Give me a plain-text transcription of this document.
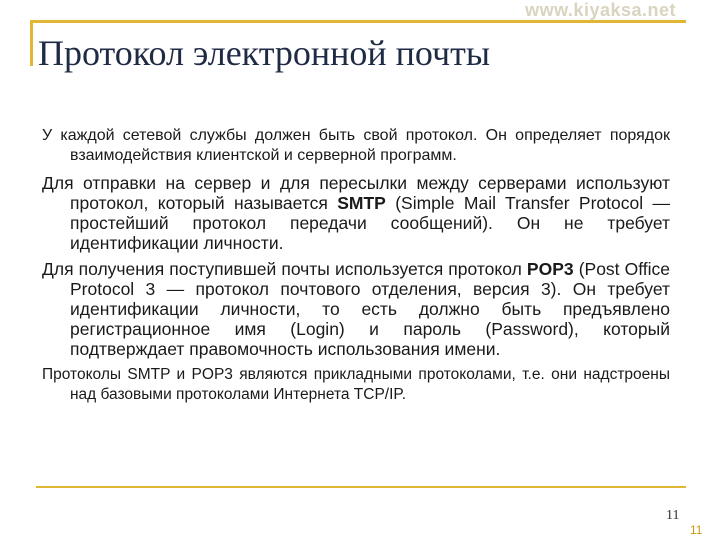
www.kiyaksa.net
Протокол электронной почты
У каждой сетевой службы должен быть свой протокол. Он определяет порядок взаимодействия клиентской и серверной программ.
Для отправки на сервер и для пересылки между серверами используют протокол, который называется SMTP (Simple Mail Transfer Protocol — простейший протокол передачи сообщений). Он не требует идентификации личности.
Для получения поступившей почты используется протокол POP3 (Post Office Protocol 3 — протокол почтового отделения, версия 3). Он требует идентификации личности, то есть должно быть предъявлено регистрационное имя (Login) и пароль (Password), который подтверждает правомочность использования имени.
Протоколы SMTP и POP3 являются прикладными протоколами, т.е. они надстроены над базовыми протоколами Интернета TCP/IP.
11
11
